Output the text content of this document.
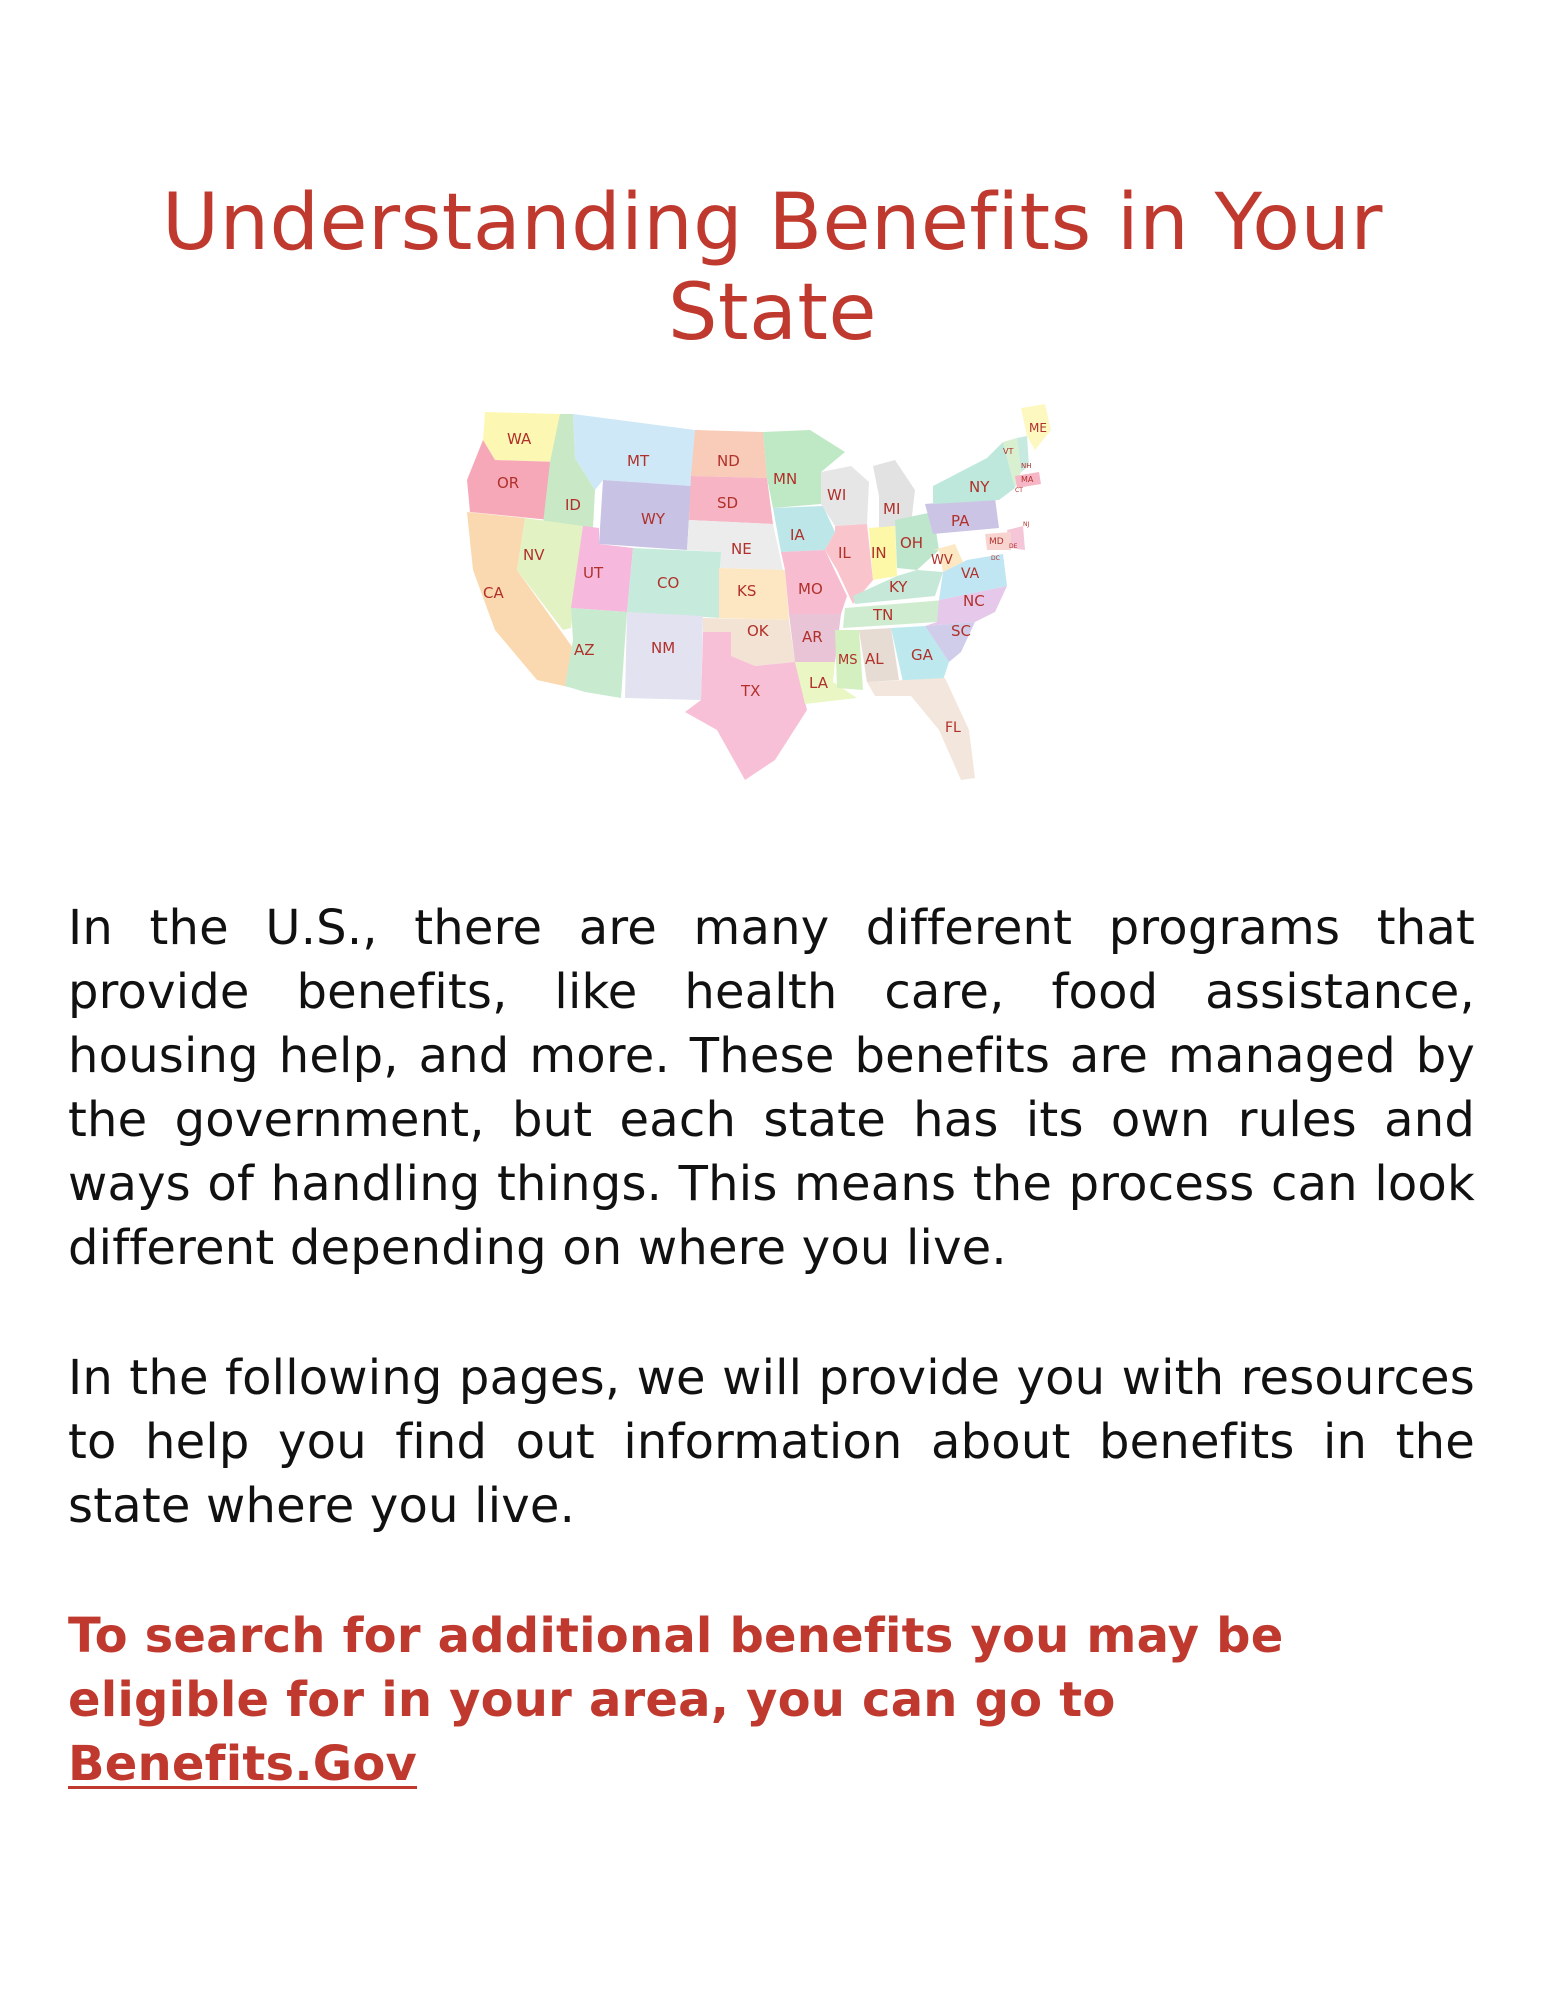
Understanding Benefits in Your State
WA
OR
CA
ID
NV
MT
WY
UT
AZ
CO
NM
ND
SD
NE
KS
OK
TX
MN
IA
MO
AR
LA
WI
IL
MI
IN
OH
KY
TN
MS AL GA
FL
SC
NC
VA
WV
PA
NY
VT
NH
ME
MA
CT
NJ
MD DE
DC

In the U.S., there are many different programs that provide benefits, like health care, food assistance, housing help, and more. These benefits are managed by the government, but each state has its own rules and ways of handling things. This means the process can look different depending on where you live.

In the following pages, we will provide you with resources to help you find out information about benefits in the state where you live.

To search for additional benefits you may be eligible for in your area, you can go to Benefits.Gov
